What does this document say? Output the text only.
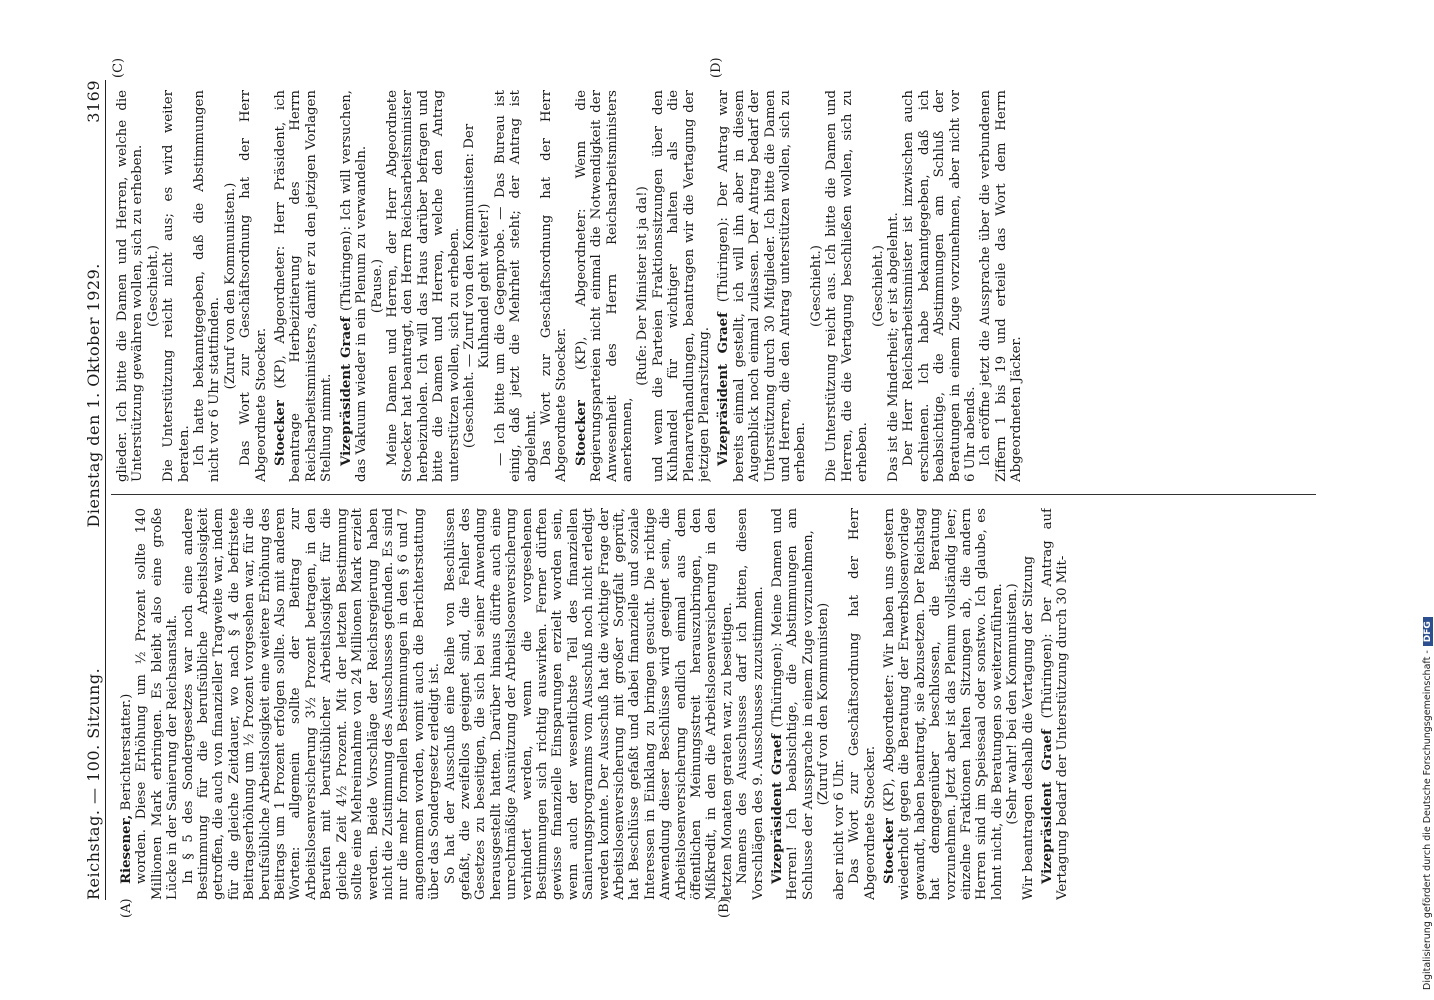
Reichstag. — 100. Sitzung.
Dienstag den 1. Oktober 1929.
3169

Riesener, Berichterstatter.) worden. Diese Erhöhung um ½ Prozent sollte 140 Millionen Mark erbringen. Es bleibt also eine große Lücke in der Sanierung der Reichsanstalt. In § 5 des Sondergesetzes war noch eine andere Bestimmung für die berufsübliche Arbeitslosigkeit getroffen, die auch von finanzieller Tragweite war, indem für die gleiche Zeitdauer, wo nach § 4 die befristete Beitragserhöhung um ½ Prozent vorgesehen war, für die berufsübliche Arbeitslosigkeit eine weitere Erhöhung des Beitrags um 1 Prozent erfolgen sollte. Also mit anderen Worten: allgemein sollte der Beitrag zur Arbeitslosenversicherung 3½ Prozent betragen, in den Berufen mit berufsüblicher Arbeitslosigkeit für die gleiche Zeit 4½ Prozent. Mit der letzten Bestimmung sollte eine Mehreinnahme von 24 Millionen Mark erzielt werden. Beide Vorschläge der Reichsregierung haben nicht die Zustimmung des Ausschusses gefunden. Es sind nur die mehr formellen Bestimmungen in den § 6 und 7 angenommen worden, womit auch die Berichterstattung über das Sondergesetz erledigt ist. So hat der Ausschuß eine Reihe von Beschlüssen gefaßt, die zweifellos geeignet sind, die Fehler des Gesetzes zu beseitigen, die sich bei seiner Anwendung herausgestellt hatten. Darüber hinaus dürfte auch eine unrechtmäßige Ausnützung der Arbeitslosenversicherung verhindert werden, wenn die vorgesehenen Bestimmungen sich richtig auswirken. Ferner dürften gewisse finanzielle Einsparungen erzielt worden sein, wenn auch der wesentlichste Teil des finanziellen Sanierungsprogramms vom Ausschuß noch nicht erledigt werden konnte. Der Ausschuß hat die wichtige Frage der Arbeitslosenversicherung mit großer Sorgfalt geprüft, hat Beschlüsse gefaßt und dabei finanzielle und soziale Interessen in Einklang zu bringen gesucht. Die richtige Anwendung dieser Beschlüsse wird geeignet sein, die Arbeitslosenversicherung endlich einmal aus dem öffentlichen Meinungsstreit herauszubringen, den Mißkredit, in den die Arbeitslosenversicherung in den letzten Monaten geraten war, zu beseitigen. Namens des Ausschusses darf ich bitten, diesen Vorschlägen des 9. Ausschusses zuzustimmen. Vizepräsident Graef (Thüringen): Meine Damen und Herren! Ich beabsichtige, die Abstimmungen am Schlusse der Aussprache in einem Zuge vorzunehmen, (Zuruf von den Kommunisten)

aber nicht vor 6 Uhr. Das Wort zur Geschäftsordnung hat der Herr Abgeordnete Stoecker. Stoecker (KP), Abgeordneter: Wir haben uns gestern wiederholt gegen die Beratung der Erwerbslosenvorlage gewandt, haben beantragt, sie abzusetzen. Der Reichstag hat demgegenüber beschlossen, die Beratung vorzunehmen. Jetzt aber ist das Plenum vollständig leer; einzelne Fraktionen halten Sitzungen ab, die andern Herren sind im Speisesaal oder sonstwo. Ich glaube, es lohnt nicht, die Beratungen so weiterzuführen. (Sehr wahr! bei den Kommunisten.) Wir beantragen deshalb die Vertagung der Sitzung Vizepräsident Graef (Thüringen): Der Antrag auf Vertagung bedarf der Unterstützung durch 30 Mit-

glieder. Ich bitte die Damen und Herren, welche die Unterstützung gewähren wollen, sich zu erheben. (Geschieht.) Die Unterstützung reicht nicht aus; es wird weiter beraten. Ich hatte bekanntgegeben, daß die Abstimmungen nicht vor 6 Uhr stattfinden.

(Zuruf von den Kommunisten.) Das Wort zur Geschäftsordnung hat der Herr Abgeordnete Stoecker. Stoecker (KP), Abgeordneter: Herr Präsident, ich beantrage Herbeizitierung des Herrn Reichsarbeitsministers, damit er zu den jetzigen Vorlagen Stellung nimmt. Vizepräsident Graef (Thüringen): Ich will versuchen, das Vakuum wieder in ein Plenum zu verwandeln. (Pause.) Meine Damen und Herren, der Herr Abgeordnete Stoecker hat beantragt, den Herrn Reichsarbeitsminister herbeizuholen. Ich will das Haus darüber befragen und bitte die Damen und Herren, welche den Antrag unterstützen wollen, sich zu erheben. (Geschieht. — Zuruf von den Kommunisten: Der Kuhhandel geht weiter!) — Ich bitte um die Gegenprobe. — Das Bureau ist einig, daß jetzt die Mehrheit steht; der Antrag ist abgelehnt. Das Wort zur Geschäftsordnung hat der Herr Abgeordnete Stoecker. Stoecker (KP), Abgeordneter: Wenn die Regierungsparteien nicht einmal die Notwendigkeit der Anwesenheit des Herrn Reichsarbeitsministers anerkennen,

(Rufe: Der Minister ist ja da!) und wenn die Parteien Fraktionssitzungen über den Kuhhandel für wichtiger halten als die Plenarverhandlungen, beantragen wir die Vertagung der jetzigen Plenarsitzung. Vizepräsident Graef (Thüringen): Der Antrag war bereits einmal gestellt, ich will ihn aber in diesem Augenblick noch einmal zulassen. Der Antrag bedarf der Unterstützung durch 30 Mitglieder. Ich bitte die Damen und Herren, die den Antrag unterstützen wollen, sich zu erheben.

(Geschieht.) Die Unterstützung reicht aus. Ich bitte die Damen und Herren, die die Vertagung beschließen wollen, sich zu erheben.

(Geschieht.) Das ist die Minderheit; er ist abgelehnt. Der Herr Reichsarbeitsminister ist inzwischen auch erschienen. Ich habe bekanntgegeben, daß ich beabsichtige, die Abstimmungen am Schluß der Beratungen in einem Zuge vorzunehmen, aber nicht vor 6 Uhr abends. Ich eröffne jetzt die Aussprache über die verbundenen Ziffern 1 bis 19 und erteile das Wort dem Herrn Abgeordneten Jäcker.

(A)	(B)
(C)	(D)
Digitalisierung gefördert durch die Deutsche Forschungsgemeinschaft -DFG
